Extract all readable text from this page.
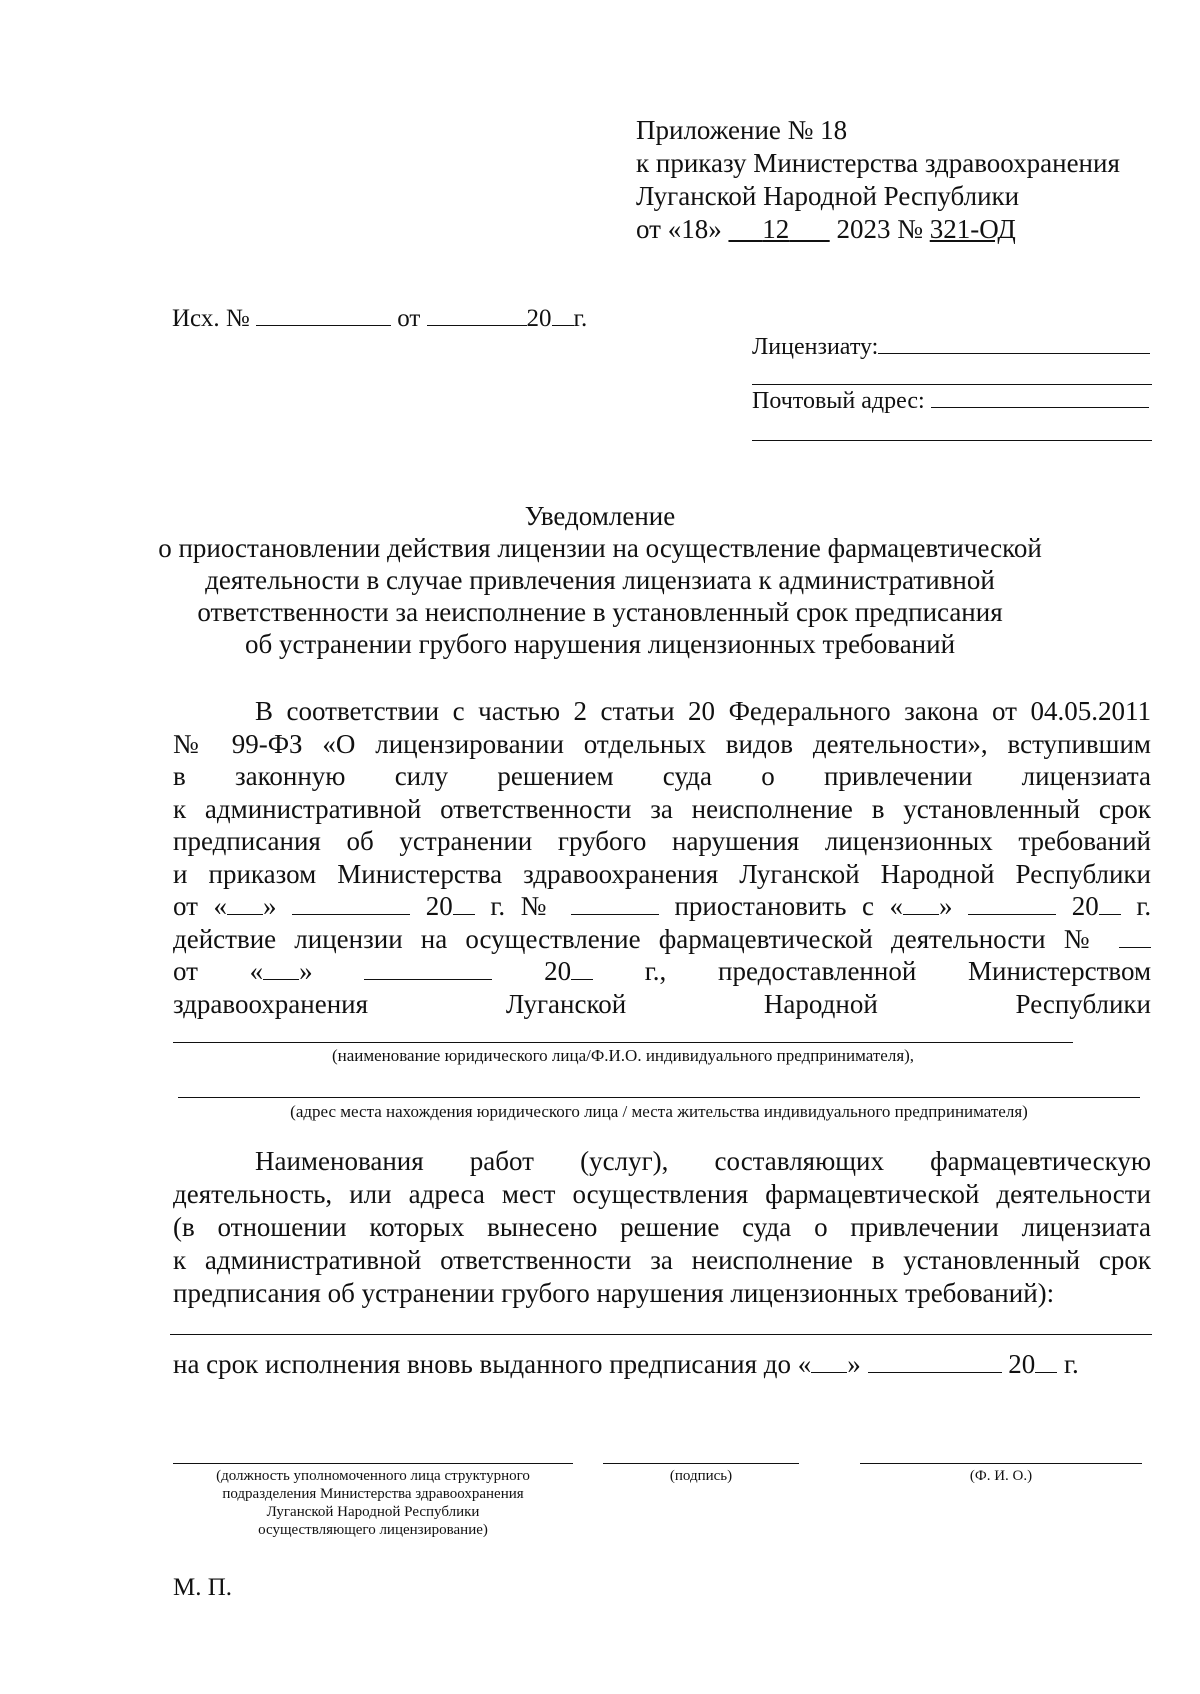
Приложение № 18
к приказу Министерства здравоохранения
Луганской Народной Республики
от «18» 12 2023 № 321-ОД
Исх. №	от	20 г.
Лицензиату:
Почтовый адрес:
Уведомление
о приостановлении действия лицензии на осуществление фармацевтической
деятельности в случае привлечения лицензиата к административной
ответственности за неисполнение в установленный срок предписания
об устранении грубого нарушения лицензионных требований
В соответствии с частью 2 статьи 20 Федерального закона от 04.05.2011
№ 99-ФЗ «О лицензировании отдельных видов деятельности», вступившим
в законную силу решением суда о привлечении лицензиата
к административной ответственности за неисполнение в установленный срок
предписания об устранении грубого нарушения лицензионных требований
и приказом Министерства здравоохранения Луганской Народной Республики
от « »	20 г. №	приостановить с « »	20 г.
действие лицензии на осуществление фармацевтической деятельности №
от « »	20	г., предоставленной Министерством
здравоохранения	Луганской	Народной	Республики
(наименование юридического лица/Ф.И.О. индивидуального предпринимателя),
(адрес места нахождения юридического лица / места жительства индивидуального предпринимателя)
Наименования работ (услуг), составляющих фармацевтическую
деятельность, или адреса мест осуществления фармацевтической деятельности
(в отношении которых вынесено решение суда о привлечении лицензиата
к административной ответственности за неисполнение в установленный срок
предписания об устранении грубого нарушения лицензионных требований):
на срок исполнения вновь выданного предписания до « »	20 г.
(должность уполномоченного лица структурного
подразделения Министерства здравоохранения
Луганской Народной Республики
осуществляющего лицензирование)
(подпись)	(Ф. И. О.)
М. П.
